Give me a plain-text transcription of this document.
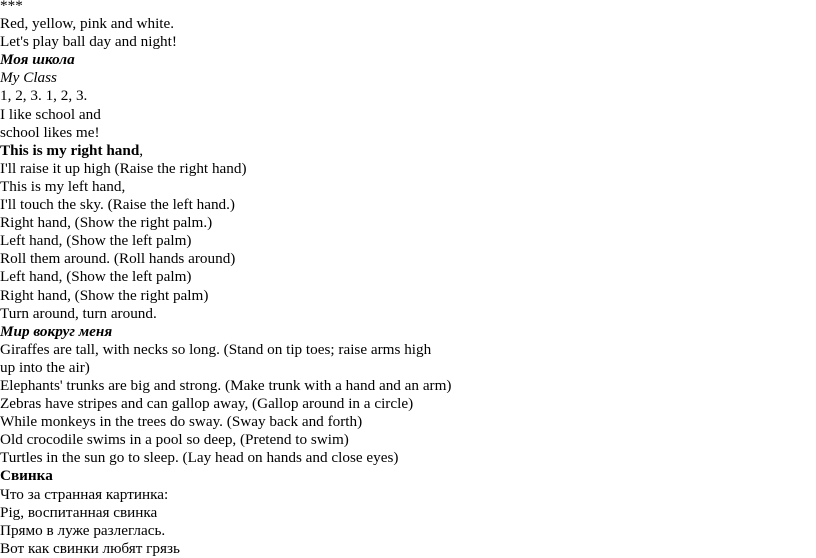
***
Red, yellow, pink and white.
Let's play ball day and night!
Моя школа
My Class
1, 2, 3. 1, 2, 3.
I like school and
school likes me!
This is my right hand,
I'll raise it up high (Raise the right hand)
This is my left hand,
I'll touch the sky. (Raise the left hand.)
Right hand, (Show the right palm.)
Left hand, (Show the left palm)
Roll them around. (Roll hands around)
Left hand, (Show the left palm)
Right hand, (Show the right palm)
Turn around, turn around.
Мир вокруг меня
Giraffes are tall, with necks so long. (Stand on tip toes; raise arms high
up into the air)
Elephants' trunks are big and strong. (Make trunk with a hand and an arm)
Zebras have stripes and can gallop away, (Gallop around in a circle)
While monkeys in the trees do sway. (Sway back and forth)
Old crocodile swims in a pool so deep, (Pretend to swim)
Turtles in the sun go to sleep. (Lay head on hands and close eyes)
Свинка
Что за странная картинка:
Pig, воспитанная свинка
Прямо в луже разлеглась.
Вот как свинки любят грязь
